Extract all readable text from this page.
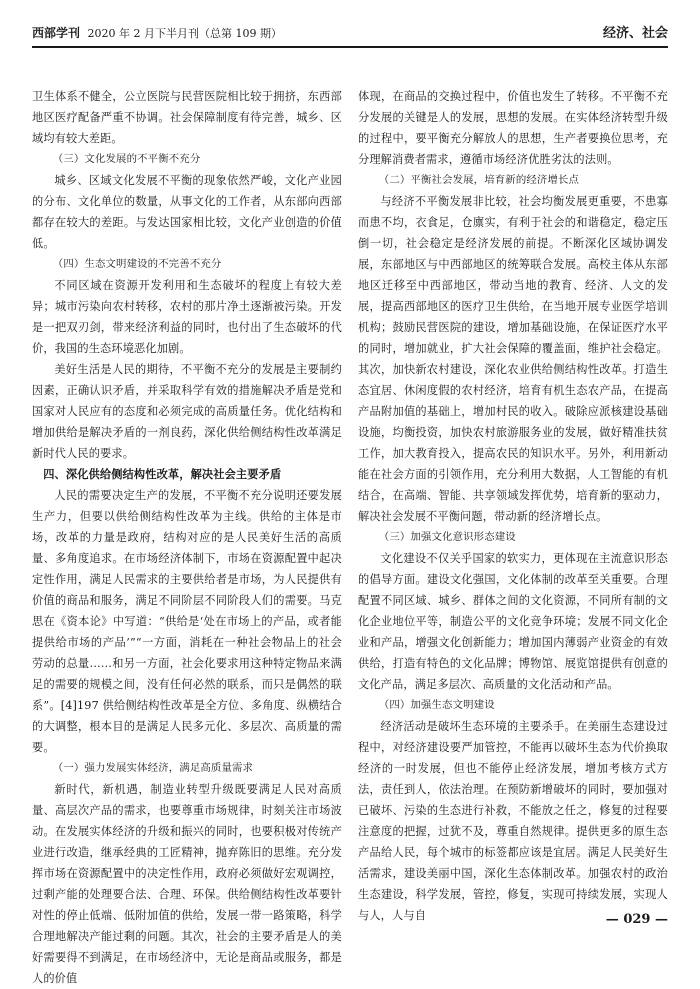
西部学刊 2020 年 2 月下半月刊（总第 109 期）	经济、社会

卫生体系不健全，公立医院与民营医院相比较于拥挤，东西部地区医疗配备严重不协调。社会保障制度有待完善，城乡、区域均有较大差距。

（三）文化发展的不平衡不充分

城乡、区域文化发展不平衡的现象依然严峻，文化产业园的分布、文化单位的数量，从事文化的工作者，从东部向西部都存在较大的差距。与发达国家相比较，文化产业创造的价值低。

（四）生态文明建设的不完善不充分

不同区域在资源开发利用和生态破坏的程度上有较大差异；城市污染向农村转移，农村的那片净土逐渐被污染。开发是一把双刃剑，带来经济利益的同时，也付出了生态破坏的代价，我国的生态环境恶化加剧。

美好生活是人民的期待，不平衡不充分的发展是主要制约因素，正确认识矛盾，并采取科学有效的措施解决矛盾是党和国家对人民应有的态度和必须完成的高质量任务。优化结构和增加供给是解决矛盾的一剂良药，深化供给侧结构性改革满足新时代人民的要求。

四、深化供给侧结构性改革，解决社会主要矛盾

人民的需要决定生产的发展，不平衡不充分说明还要发展生产力，但要以供给侧结构性改革为主线。供给的主体是市场，改革的力量是政府，结构对应的是人民美好生活的高质量、多角度追求。在市场经济体制下，市场在资源配置中起决定性作用，满足人民需求的主要供给者是市场，为人民提供有价值的商品和服务，满足不同阶层不同阶段人们的需要。马克思在《资本论》中写道：“供给是‘处在市场上的产品，或者能提供给市场的产品’”“一方面，消耗在一种社会物品上的社会劳动的总量……和另一方面，社会化要求用这种特定物品来满足的需要的规模之间，没有任何必然的联系，而只是偶然的联系”。[4]197 供给侧结构性改革是全方位、多角度、纵横结合的大调整，根本目的是满足人民多元化、多层次、高质量的需要。

（一）强力发展实体经济，满足高质量需求

新时代，新机遇，制造业转型升级既要满足人民对高质量、高层次产品的需求，也要尊重市场规律，时刻关注市场波动。在发展实体经济的升级和振兴的同时，也要积极对传统产业进行改造，继承经典的工匠精神，抛弃陈旧的思维。充分发挥市场在资源配置中的决定性作用，政府必须做好宏观调控，过剩产能的处理要合法、合理、环保。供给侧结构性改革要针对性的停止低端、低附加值的供给，发展一带一路策略，科学合理地解决产能过剩的问题。其次，社会的主要矛盾是人的美好需要得不到满足，在市场经济中，无论是商品或服务，都是人的价值

体现，在商品的交换过程中，价值也发生了转移。不平衡不充分发展的关键是人的发展，思想的发展。在实体经济转型升级的过程中，要平衡充分解放人的思想，生产者要换位思考，充分理解消费者需求，遵循市场经济优胜劣汰的法则。

（二）平衡社会发展，培育新的经济增长点

与经济不平衡发展非比较，社会均衡发展更重要，不患寡而患不均，衣食足，仓廪实，有利于社会的和谐稳定，稳定压倒一切，社会稳定是经济发展的前提。不断深化区域协调发展，东部地区与中西部地区的统筹联合发展。高校主体从东部地区迁移至中西部地区，带动当地的教育、经济、人文的发展，提高西部地区的医疗卫生供给，在当地开展专业医学培训机构；鼓励民营医院的建设，增加基础设施，在保证医疗水平的同时，增加就业，扩大社会保障的覆盖面，维护社会稳定。其次，加快新农村建设，深化农业供给侧结构性改革。打造生态宜居、休闲度假的农村经济，培育有机生态农产品，在提高产品附加值的基础上，增加村民的收入。破除应派核建设基础设施，均衡投资，加快农村旅游服务业的发展，做好精准扶贫工作，加大教育投入，提高农民的知识水平。另外，利用新动能在社会方面的引领作用，充分利用大数据，人工智能的有机结合，在高端、智能、共享领域发挥优势，培育新的驱动力，解决社会发展不平衡问题，带动新的经济增长点。

（三）加强文化意识形态建设

文化建设不仅关乎国家的软实力，更体现在主流意识形态的倡导方面。建设文化强国，文化体制的改革至关重要。合理配置不同区域、城乡、群体之间的文化资源，不同所有制的文化企业地位平等，制造公平的文化竞争环境；发展不同文化企业和产品，增强文化创新能力；增加国内薄弱产业资金的有效供给，打造有特色的文化品牌；博物馆、展览馆提供有创意的文化产品，满足多层次、高质量的文化活动和产品。

（四）加强生态文明建设

经济活动是破坏生态环境的主要杀手。在美丽生态建设过程中，对经济建设要严加管控，不能再以破坏生态为代价换取经济的一时发展，但也不能停止经济发展，增加考核方式方法，责任到人，依法治理。在预防新增破坏的同时，要加强对已破坏、污染的生态进行补救，不能放之任之，修复的过程要注意度的把握，过犹不及，尊重自然规律。提供更多的原生态产品给人民，每个城市的标签都应该是宜居。满足人民美好生活需求，建设美丽中国，深化生态体制改革。加强农村的政治生态建设，科学发展，管控，修复，实现可持续发展，实现人与人，人与自	— 029 —
